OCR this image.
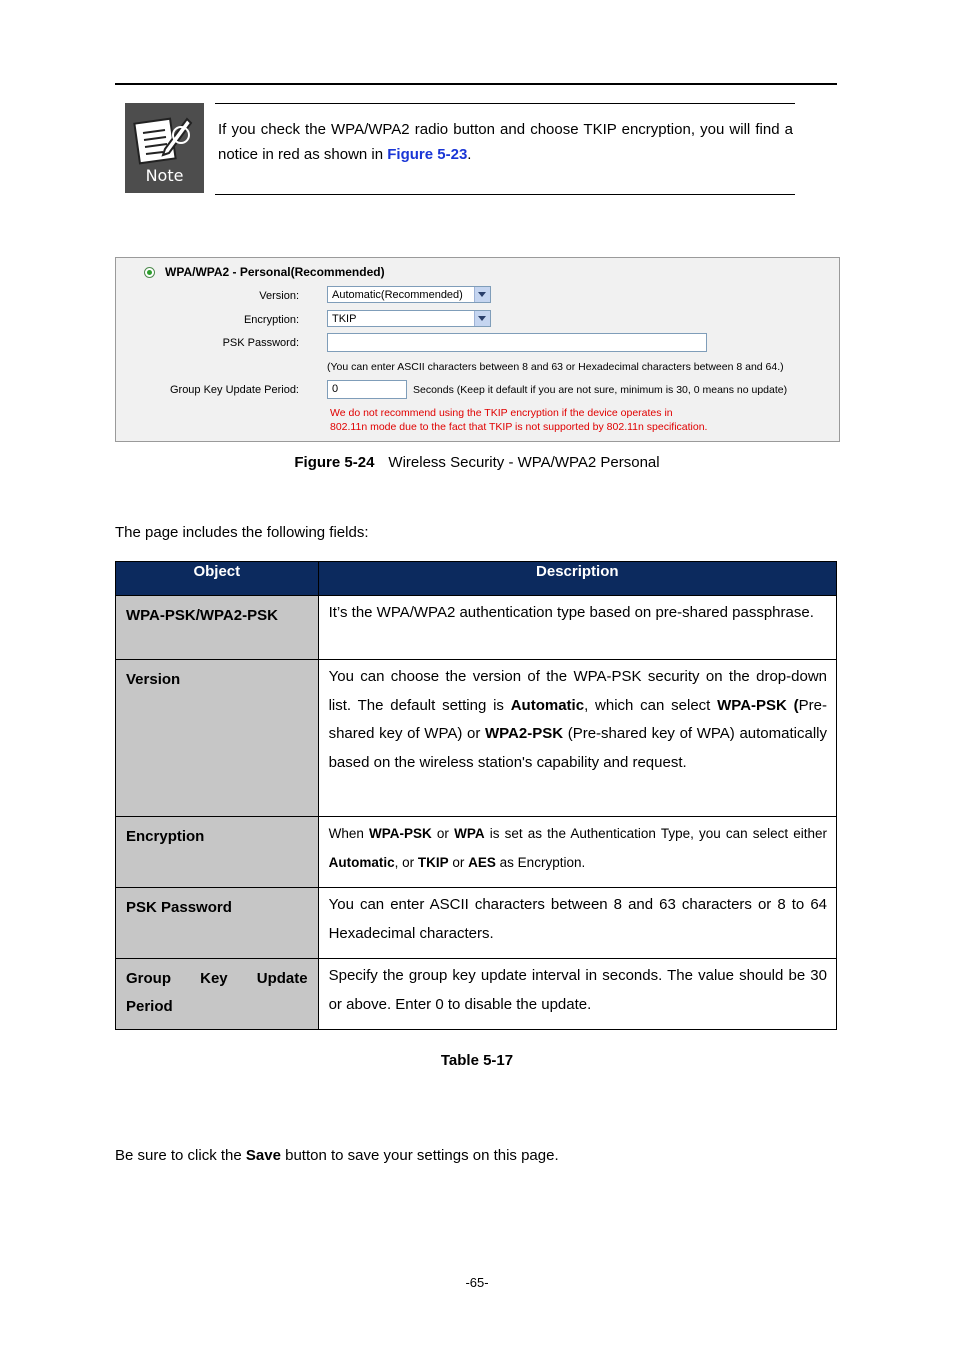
Note
If you check the WPA/WPA2 radio button and choose TKIP encryption, you will find a notice in red as shown in Figure 5-23.
WPA/WPA2 - Personal(Recommended)
Version:	Automatic(Recommended)
Encryption:	TKIP
PSK Password:
(You can enter ASCII characters between 8 and 63 or Hexadecimal characters between 8 and 64.)
Group Key Update Period:	0	Seconds (Keep it default if you are not sure, minimum is 30, 0 means no update)
We do not recommend using the TKIP encryption if the device operates in
802.11n mode due to the fact that TKIP is not supported by 802.11n specification.
Figure 5-24 Wireless Security - WPA/WPA2 Personal
The page includes the following fields:
Object	Description
WPA-PSK/WPA2-PSK	It’s the WPA/WPA2 authentication type based on pre-shared passphrase.
Version	You can choose the version of the WPA-PSK security on the drop-down list. The default setting is Automatic, which can select WPA-PSK (Pre-shared key of WPA) or WPA2-PSK (Pre-shared key of WPA) automatically based on the wireless station's capability and request.
Encryption	When WPA-PSK or WPA is set as the Authentication Type, you can select either Automatic, or TKIP or AES as Encryption.
PSK Password	You can enter ASCII characters between 8 and 63 characters or 8 to 64 Hexadecimal characters.
Group Key Update Period	Specify the group key update interval in seconds. The value should be 30 or above. Enter 0 to disable the update.
Table 5-17
Be sure to click the Save button to save your settings on this page.
-65-
